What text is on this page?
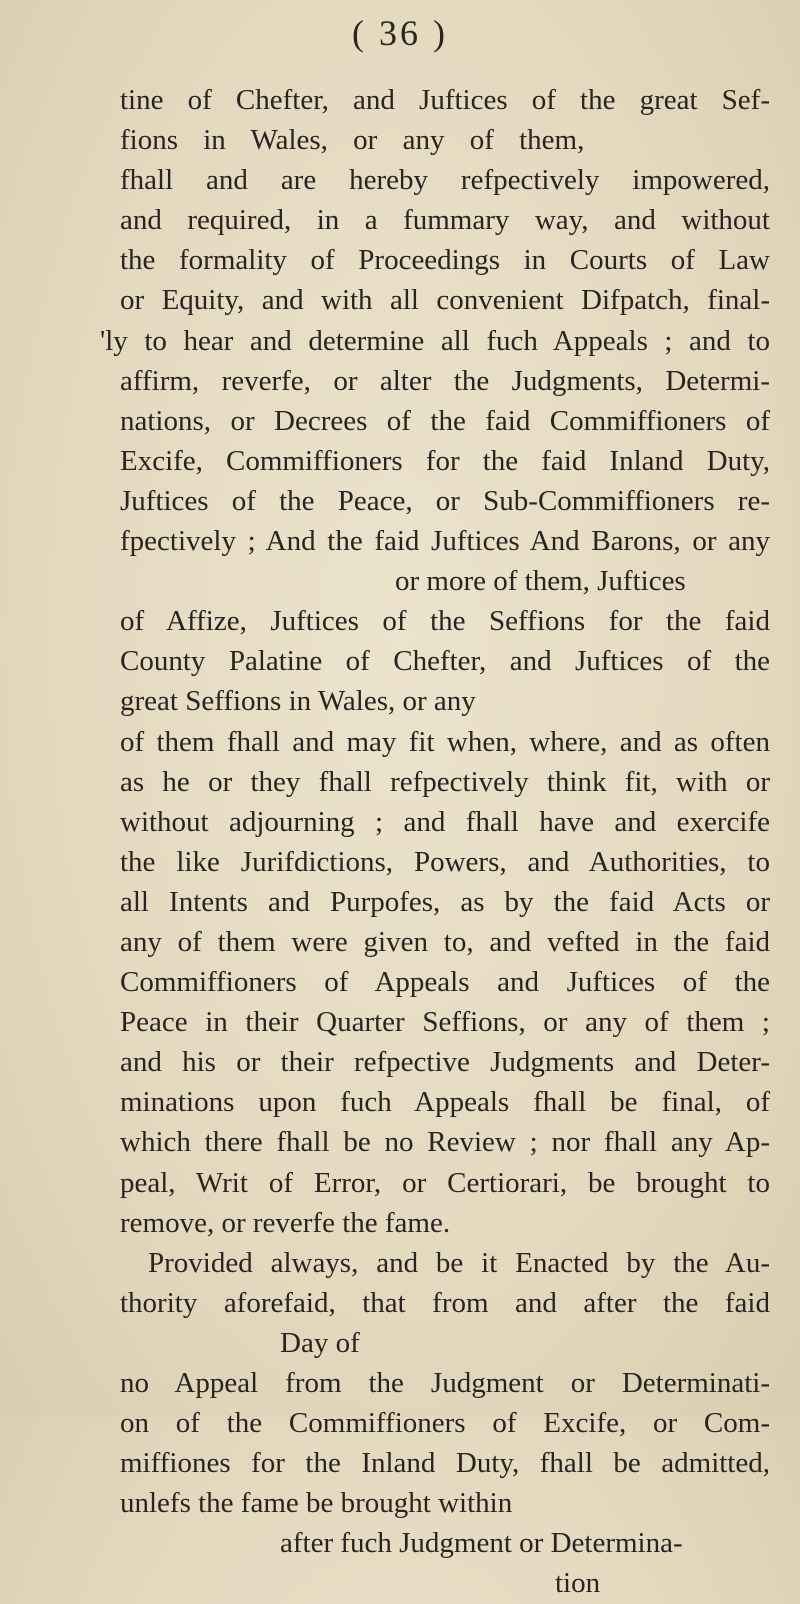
( 36 )
tine of Chefter, and Juftices of the great Sef-
fions in Wales, or any of them,
fhall and are hereby refpectively impowered,
and required, in a fummary way, and without
the formality of Proceedings in Courts of Law
or Equity, and with all convenient Difpatch, final-
'ly to hear and determine all fuch Appeals ; and to
affirm, reverfe, or alter the Judgments, Determi-
nations, or Decrees of the faid Commiffioners of
Excife, Commiffioners for the faid Inland Duty,
Juftices of the Peace, or Sub-Commiffioners re-
fpectively ; And the faid Juftices And Barons, or any
or more of them, Juftices
of Affize, Juftices of the Seffions for the faid
County Palatine of Chefter, and Juftices of the
great Seffions in Wales, or any
of them fhall and may fit when, where, and as often
as he or they fhall refpectively think fit, with or
without adjourning ; and fhall have and exercife
the like Jurifdictions, Powers, and Authorities, to
all Intents and Purpofes, as by the faid Acts or
any of them were given to, and vefted in the faid
Commiffioners of Appeals and Juftices of the
Peace in their Quarter Seffions, or any of them ;
and his or their refpective Judgments and Deter-
minations upon fuch Appeals fhall be final, of
which there fhall be no Review ; nor fhall any Ap-
peal, Writ of Error, or Certiorari, be brought to
remove, or reverfe the fame.
Provided always, and be it Enacted by the Au-
thority aforefaid, that from and after the faid
Day of
no Appeal from the Judgment or Determinati-
on of the Commiffioners of Excife, or Com-
miffiones for the Inland Duty, fhall be admitted,
unlefs the fame be brought within
after fuch Judgment or Determina-
tion
